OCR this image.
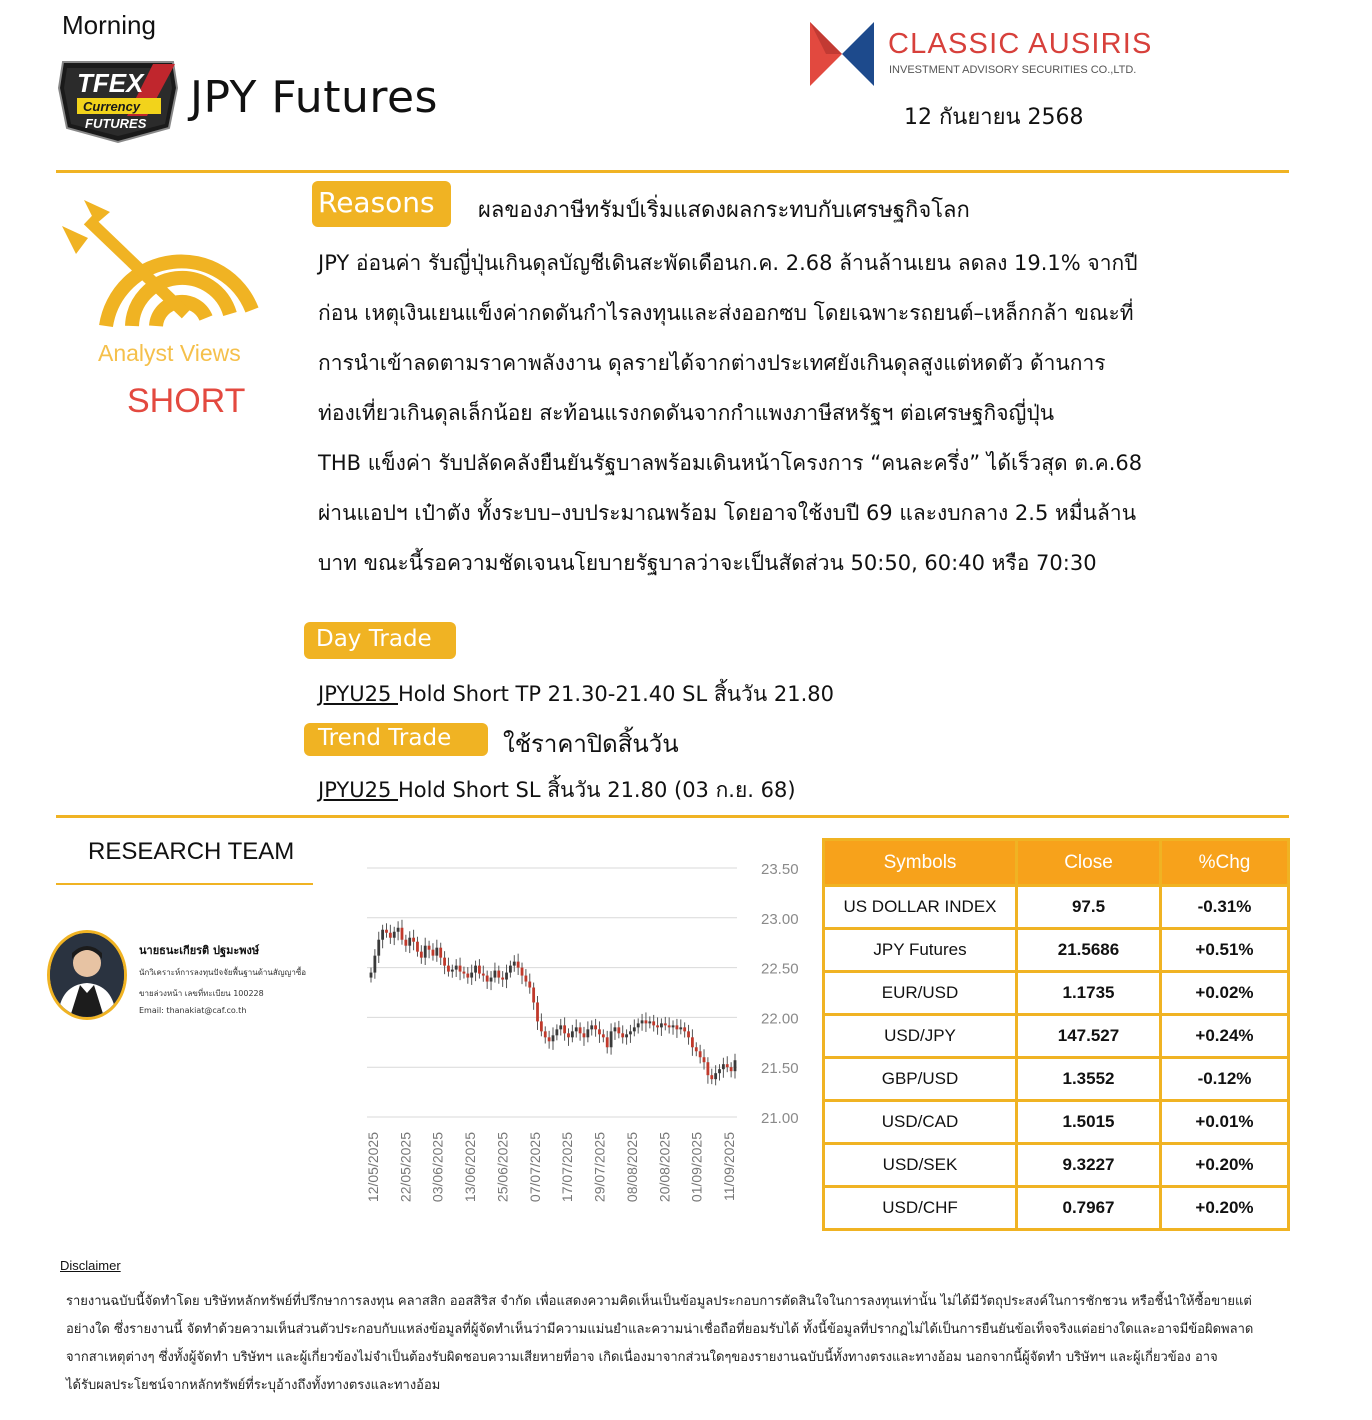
Morning
TFEX
Currency
FUTURES
JPY Futures
CLASSIC AUSIRIS
INVESTMENT ADVISORY SECURITIES CO.,LTD.
12 กันยายน 2568
Analyst Views
SHORT
Reasons	ผลของภาษีทรัมป์เริ่มแสดงผลกระทบกับเศรษฐกิจโลก

JPY อ่อนค่า รับญี่ปุ่นเกินดุลบัญชีเดินสะพัดเดือนก.ค. 2.68 ล้านล้านเยน ลดลง 19.1% จากปี

ก่อน เหตุเงินเยนแข็งค่ากดดันกำไรลงทุนและส่งออกซบ โดยเฉพาะรถยนต์–เหล็กกล้า ขณะที่

การนำเข้าลดตามราคาพลังงาน ดุลรายได้จากต่างประเทศยังเกินดุลสูงแต่หดตัว ด้านการ

ท่องเที่ยวเกินดุลเล็กน้อย สะท้อนแรงกดดันจากกำแพงภาษีสหรัฐฯ ต่อเศรษฐกิจญี่ปุ่น

THB แข็งค่า รับปลัดคลังยืนยันรัฐบาลพร้อมเดินหน้าโครงการ “คนละครึ่ง” ได้เร็วสุด ต.ค.68

ผ่านแอปฯ เป๋าตัง ทั้งระบบ–งบประมาณพร้อม โดยอาจใช้งบปี 69 และงบกลาง 2.5 หมื่นล้าน

บาท ขณะนี้รอความชัดเจนนโยบายรัฐบาลว่าจะเป็นสัดส่วน 50:50, 60:40 หรือ 70:30

Day Trade
JPYU25 Hold Short TP 21.30-21.40 SL สิ้นวัน 21.80
Trend Trade	ใช้ราคาปิดสิ้นวัน
JPYU25 Hold Short SL สิ้นวัน 21.80 (03 ก.ย. 68)
RESEARCH TEAM
นายธนะเกียรติ ปฐมะพงษ์
นักวิเคราะห์การลงทุนปัจจัยพื้นฐานด้านสัญญาซื้อ
ขายล่วงหน้า เลขที่ทะเบียน 100228
Email: thanakiat@caf.co.th
23.50
23.00
22.50
22.00
21.50
21.00
12/05/2025 22/05/2025 03/06/2025 13/06/2025 25/06/2025 07/07/2025 17/07/2025 29/07/2025 08/08/2025 20/08/2025 01/09/2025 11/09/2025
Symbols	Close	%Chg
US DOLLAR INDEX	97.5	-0.31%
JPY Futures	21.5686	+0.51%
EUR/USD	1.1735	+0.02%
USD/JPY	147.527	+0.24%
GBP/USD	1.3552	-0.12%
USD/CAD	1.5015	+0.01%
USD/SEK	9.3227	+0.20%
USD/CHF	0.7967	+0.20%
Disclaimer

รายงานฉบับนี้จัดทำโดย บริษัทหลักทรัพย์ที่ปรึกษาการลงทุน คลาสสิก ออสสิริส จำกัด เพื่อแสดงความคิดเห็นเป็นข้อมูลประกอบการตัดสินใจในการลงทุนเท่านั้น ไม่ได้มีวัตถุประสงค์ในการชักชวน หรือชี้นำให้ซื้อขายแต่

อย่างใด ซึ่งรายงานนี้ จัดทำด้วยความเห็นส่วนตัวประกอบกับแหล่งข้อมูลที่ผู้จัดทำเห็นว่ามีความแม่นยำและความน่าเชื่อถือที่ยอมรับได้ ทั้งนี้ข้อมูลที่ปรากฏไม่ได้เป็นการยืนยันข้อเท็จจริงแต่อย่างใดและอาจมีข้อผิดพลาด

จากสาเหตุต่างๆ ซึ่งทั้งผู้จัดทำ บริษัทฯ และผู้เกี่ยวข้องไม่จำเป็นต้องรับผิดชอบความเสียหายที่อาจ เกิดเนื่องมาจากส่วนใดๆของรายงานฉบับนี้ทั้งทางตรงและทางอ้อม นอกจากนี้ผู้จัดทำ บริษัทฯ และผู้เกี่ยวข้อง อาจ

ได้รับผลประโยชน์จากหลักทรัพย์ที่ระบุอ้างถึงทั้งทางตรงและทางอ้อม
